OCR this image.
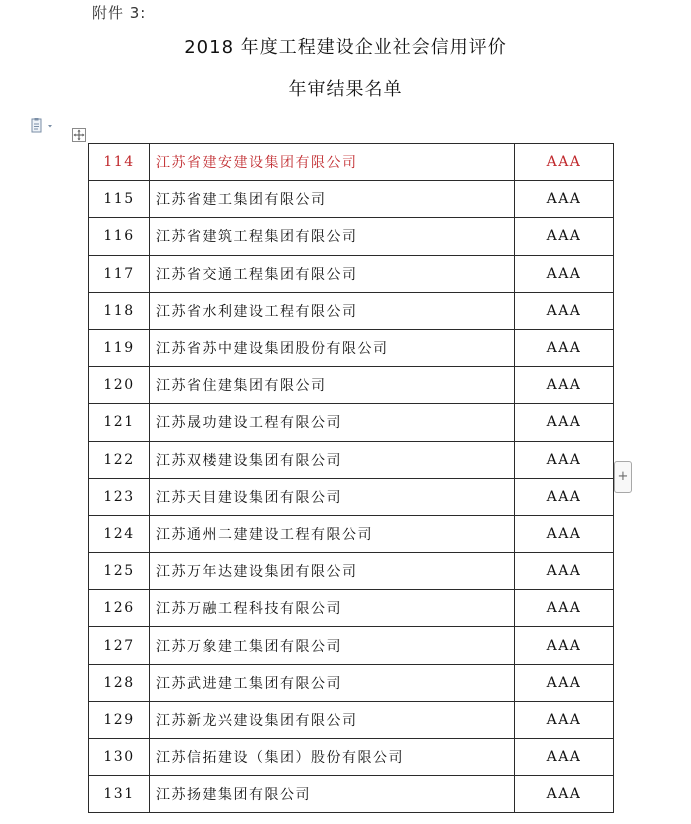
附件 3:
2018 年度工程建设企业社会信用评价
年审结果名单
114	江苏省建安建设集团有限公司	AAA
115	江苏省建工集团有限公司	AAA
116	江苏省建筑工程集团有限公司	AAA
117	江苏省交通工程集团有限公司	AAA
118	江苏省水利建设工程有限公司	AAA
119	江苏省苏中建设集团股份有限公司	AAA
120	江苏省住建集团有限公司	AAA
121	江苏晟功建设工程有限公司	AAA
122	江苏双楼建设集团有限公司	AAA
123	江苏天目建设集团有限公司	AAA
124	江苏通州二建建设工程有限公司	AAA
125	江苏万年达建设集团有限公司	AAA
126	江苏万融工程科技有限公司	AAA
127	江苏万象建工集团有限公司	AAA
128	江苏武进建工集团有限公司	AAA
129	江苏新龙兴建设集团有限公司	AAA
130	江苏信拓建设（集团）股份有限公司	AAA
131	江苏扬建集团有限公司	AAA
+
